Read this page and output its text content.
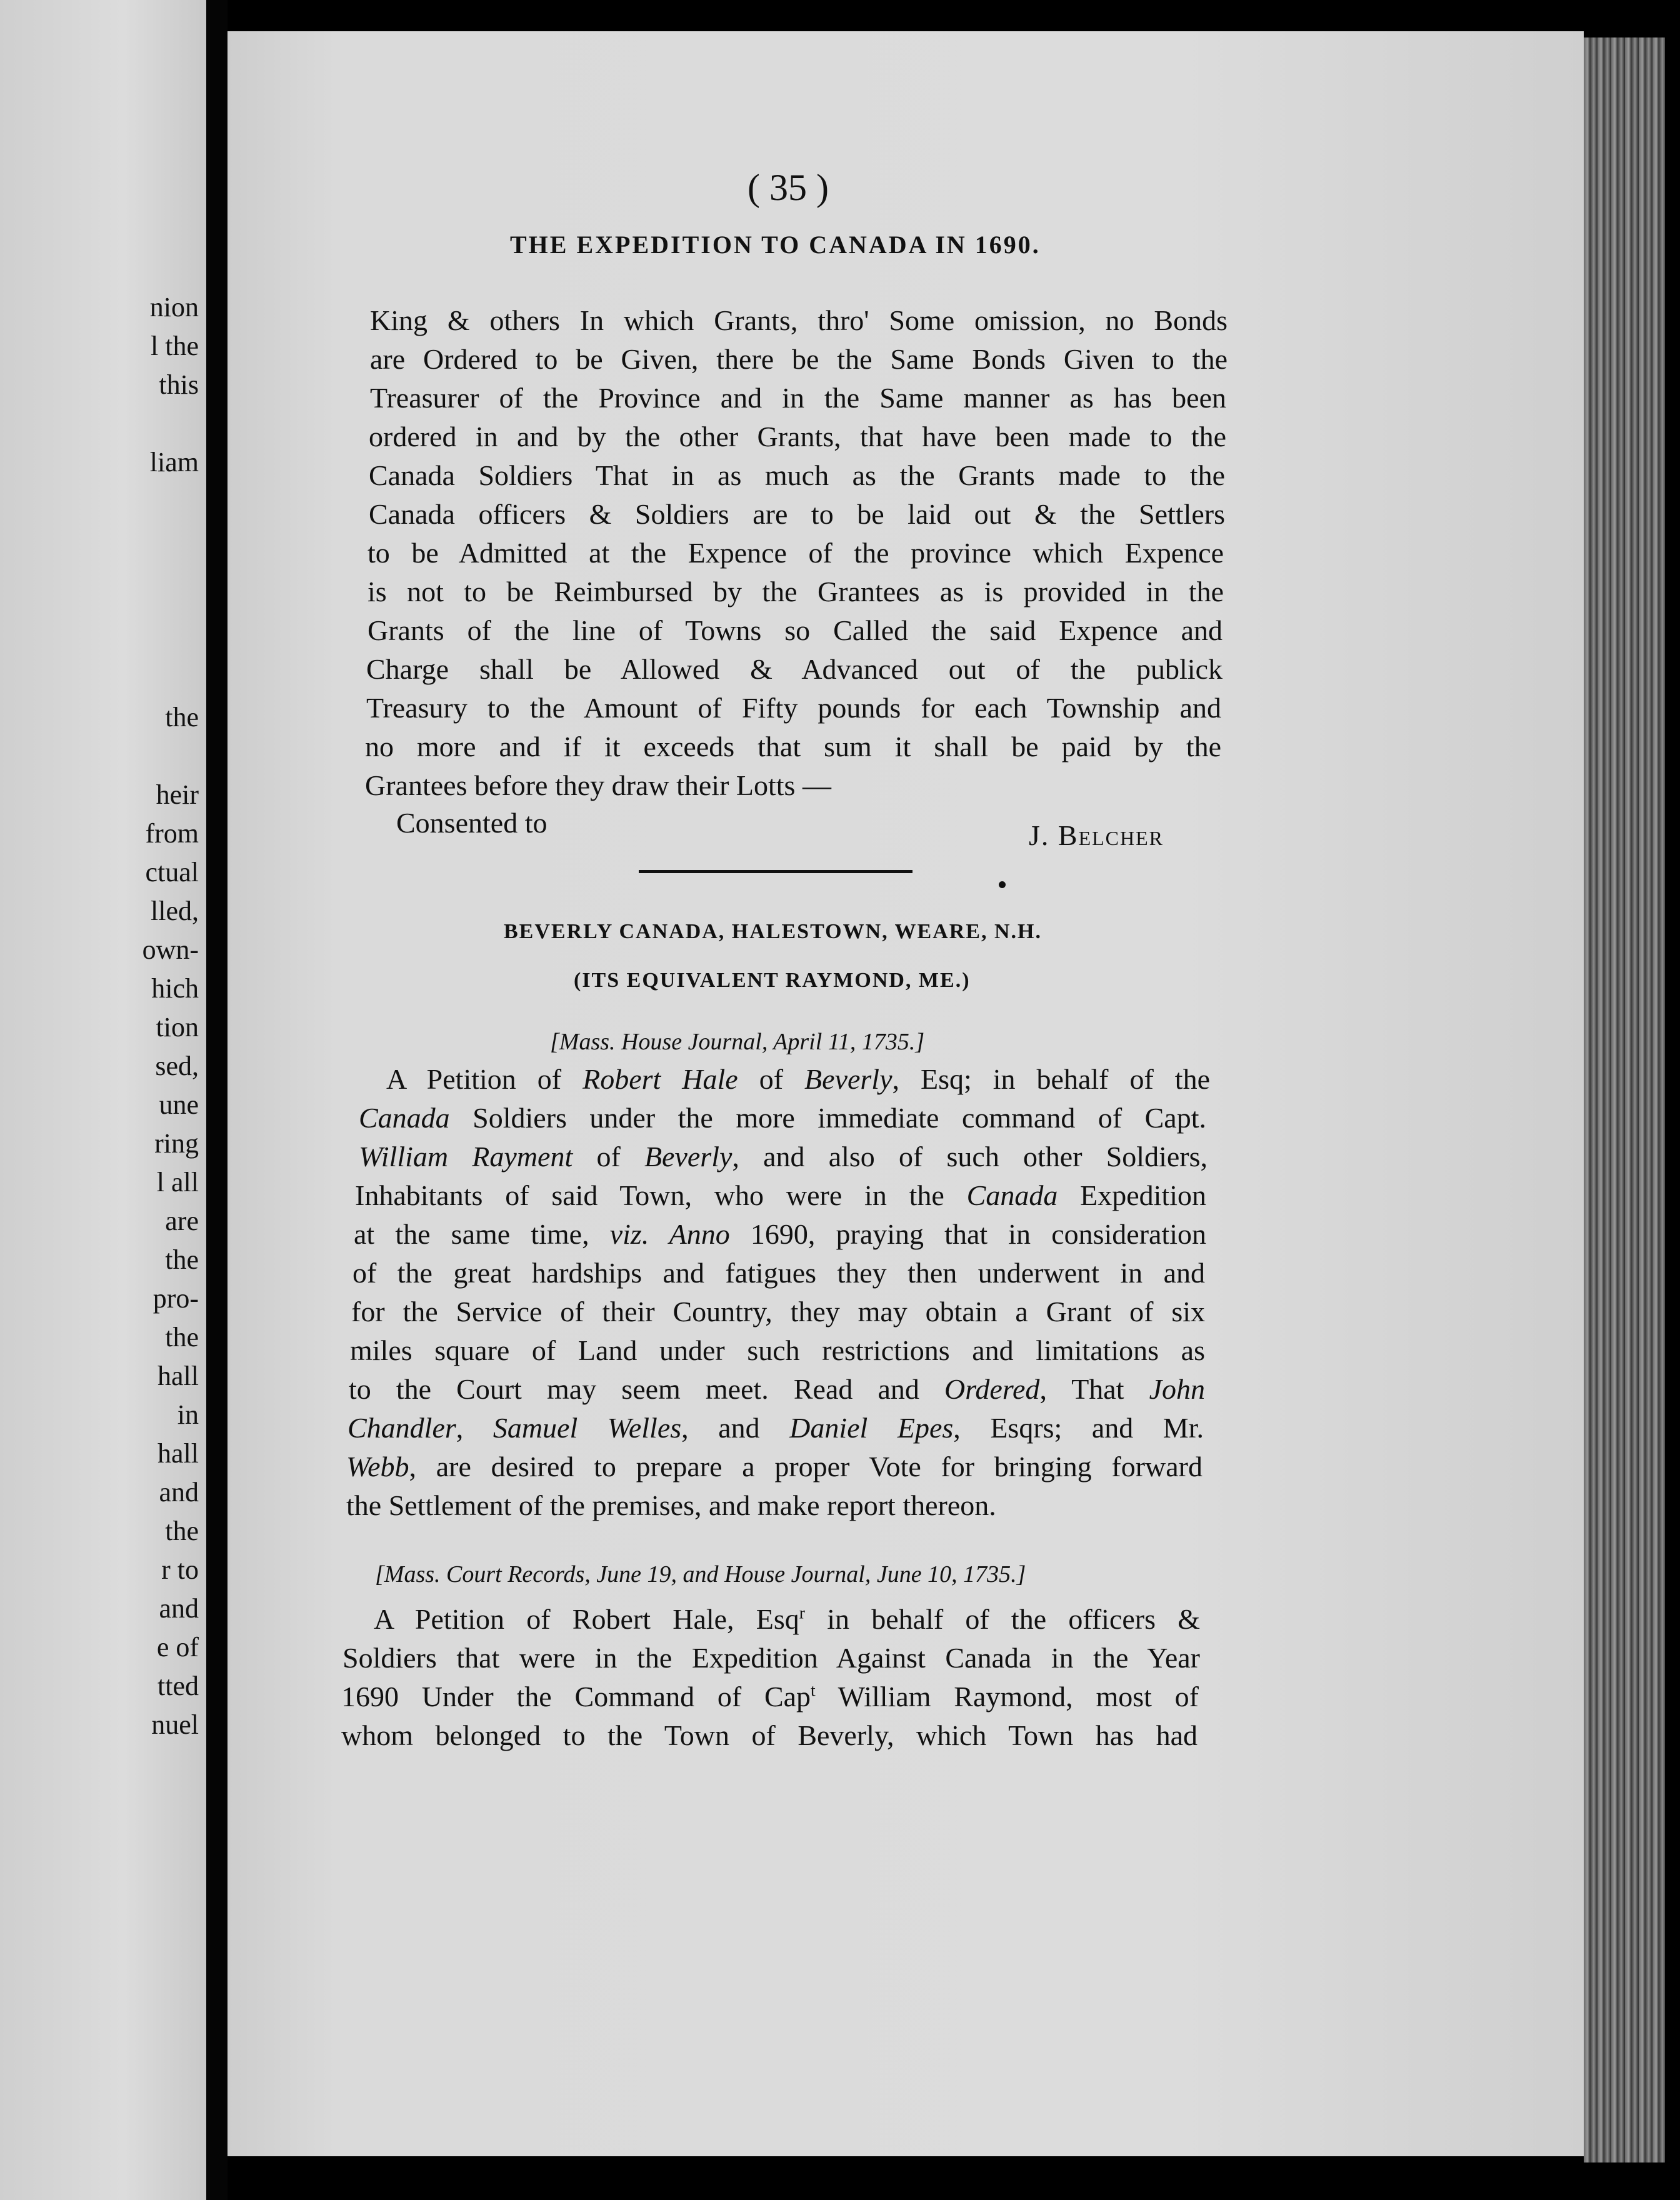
nion
l the
this
liam
the
heir
from
ctual
lled,
own-
hich
tion
sed,
une
ring
l all
are
the
pro-
the
hall
in
hall
and
the
r to
and
e of
tted
nuel
( 35 )
THE EXPEDITION TO CANADA IN 1690.
King & others In which Grants, thro' Some omission, no Bonds
are Ordered to be Given, there be the Same Bonds Given to the
Treasurer of the Province and in the Same manner as has been
ordered in and by the other Grants, that have been made to the
Canada Soldiers That in as much as the Grants made to the
Canada officers & Soldiers are to be laid out & the Settlers
to be Admitted at the Expence of the province which Expence
is not to be Reimbursed by the Grantees as is provided in the
Grants of the line of Towns so Called the said Expence and
Charge shall be Allowed & Advanced out of the publick
Treasury to the Amount of Fifty pounds for each Township and
no more and if it exceeds that sum it shall be paid by the
Grantees before they draw their Lotts —
Consented to	J. Belcher
BEVERLY CANADA, HALESTOWN, WEARE, N.H.
(ITS EQUIVALENT RAYMOND, ME.)
[Mass. House Journal, April 11, 1735.]
A Petition of Robert Hale of Beverly, Esq; in behalf of the
Canada Soldiers under the more immediate command of Capt.
William Rayment of Beverly, and also of such other Soldiers,
Inhabitants of said Town, who were in the Canada Expedition
at the same time, viz. Anno 1690, praying that in consideration
of the great hardships and fatigues they then underwent in and
for the Service of their Country, they may obtain a Grant of six
miles square of Land under such restrictions and limitations as
to the Court may seem meet. Read and Ordered, That John
Chandler, Samuel Welles, and Daniel Epes, Esqrs; and Mr.
Webb, are desired to prepare a proper Vote for bringing forward
the Settlement of the premises, and make report thereon.
[Mass. Court Records, June 19, and House Journal, June 10, 1735.]
A Petition of Robert Hale, Esq$^r$ in behalf of the officers &
Soldiers that were in the Expedition Against Canada in the Year
1690 Under the Command of Cap$^t$ William Raymond, most of
whom belonged to the Town of Beverly, which Town has had
